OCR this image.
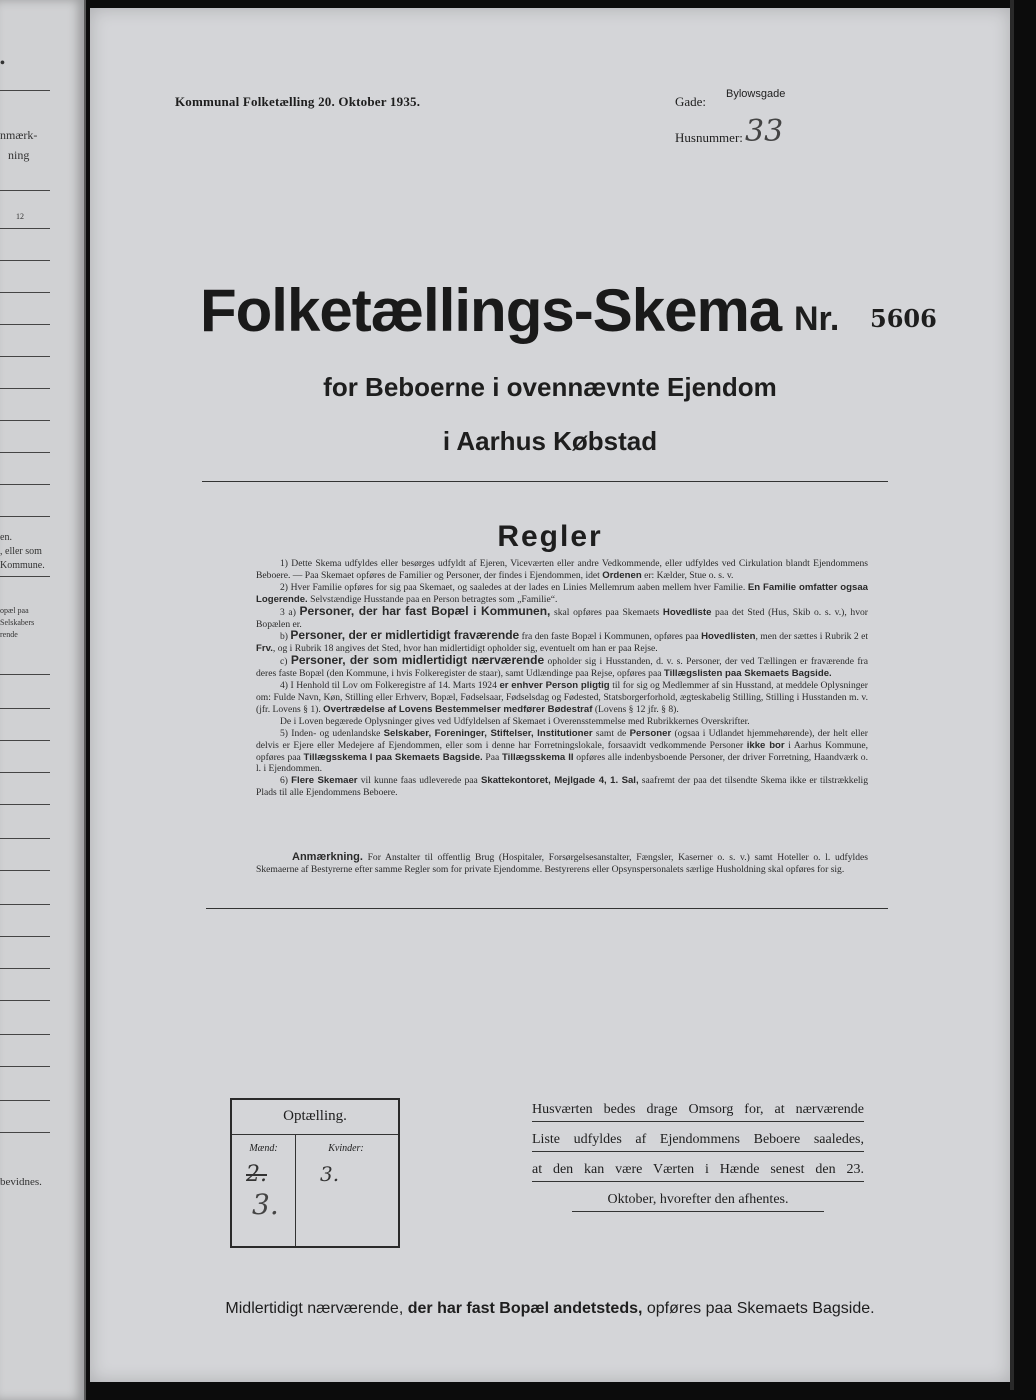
•
nmærk-
ning
12
en.
, eller som
Kommune.
opæl paa
Selskabers
rende
bevidnes.
Kommunal Folketælling 20. Oktober 1935.	Gade: Bylowsgade
Husnummer: 33
Folketællings-Skema Nr. 5606
for Beboerne i ovennævnte Ejendom
i Aarhus Købstad
Regler

1) Dette Skema udfyldes eller besørges udfyldt af Ejeren, Viceværten eller andre Vedkommende, eller udfyldes ved Cirkulation blandt Ejendommens Beboere. — Paa Skemaet opføres de Familier og Personer, der findes i Ejendommen, idet Ordenen er: Kælder, Stue o. s. v.

2) Hver Familie opføres for sig paa Skemaet, og saaledes at der lades en Linies Mellemrum aaben mellem hver Familie. En Familie omfatter ogsaa Logerende. Selvstændige Husstande paa en Person betragtes som „Familie“.

3 a) Personer, der har fast Bopæl i Kommunen, skal opføres paa Skemaets Hovedliste paa det Sted (Hus, Skib o. s. v.), hvor Bopælen er.

b) Personer, der er midlertidigt fraværende fra den faste Bopæl i Kommunen, opføres paa Hovedlisten, men der sættes i Rubrik 2 et Frv., og i Rubrik 18 angives det Sted, hvor han midlertidigt opholder sig, eventuelt om han er paa Rejse.

c) Personer, der som midlertidigt nærværende opholder sig i Husstanden, d. v. s. Personer, der ved Tællingen er fraværende fra deres faste Bopæl (den Kommune, i hvis Folkeregister de staar), samt Udlændinge paa Rejse, opføres paa Tillægslisten paa Skemaets Bagside.

4) I Henhold til Lov om Folkeregistre af 14. Marts 1924 er enhver Person pligtig til for sig og Medlemmer af sin Husstand, at meddele Oplysninger om: Fulde Navn, Køn, Stilling eller Erhverv, Bopæl, Fødselsaar, Fødselsdag og Fødested, Statsborgerforhold, ægteskabelig Stilling, Stilling i Husstanden m. v. (jfr. Lovens § 1). Overtrædelse af Lovens Bestemmelser medfører Bødestraf (Lovens § 12 jfr. § 8).

De i Loven begærede Oplysninger gives ved Udfyldelsen af Skemaet i Overensstemmelse med Rubrikkernes Overskrifter.

5) Inden- og udenlandske Selskaber, Foreninger, Stiftelser, Institutioner samt de Personer (ogsaa i Udlandet hjemmehørende), der helt eller delvis er Ejere eller Medejere af Ejendommen, eller som i denne har Forretningslokale, forsaavidt vedkommende Personer ikke bor i Aarhus Kommune, opføres paa Tillægsskema I paa Skemaets Bagside. Paa Tillægsskema II opføres alle indenbysboende Personer, der driver Forretning, Haandværk o. l. i Ejendommen.

6) Flere Skemaer vil kunne faas udleverede paa Skattekontoret, Mejlgade 4, 1. Sal, saafremt der paa det tilsendte Skema ikke er tilstrækkelig Plads til alle Ejendommens Beboere.

Anmærkning. For Anstalter til offentlig Brug (Hospitaler, Forsørgelsesanstalter, Fængsler, Kaserner o. s. v.) samt Hoteller o. l. udfyldes Skemaerne af Bestyrerne efter samme Regler som for private Ejendomme. Bestyrerens eller Opsynspersonalets særlige Husholdning skal opføres for sig.

Optælling.
Mænd:	Kvinder:
2.
3.
3.
Husværten bedes drage Omsorg for, at nærværende
Liste udfyldes af Ejendommens Beboere saaledes,
at den kan være Værten i Hænde senest den 23.
Oktober, hvorefter den afhentes.
Midlertidigt nærværende, der har fast Bopæl andetsteds, opføres paa Skemaets Bagside.
